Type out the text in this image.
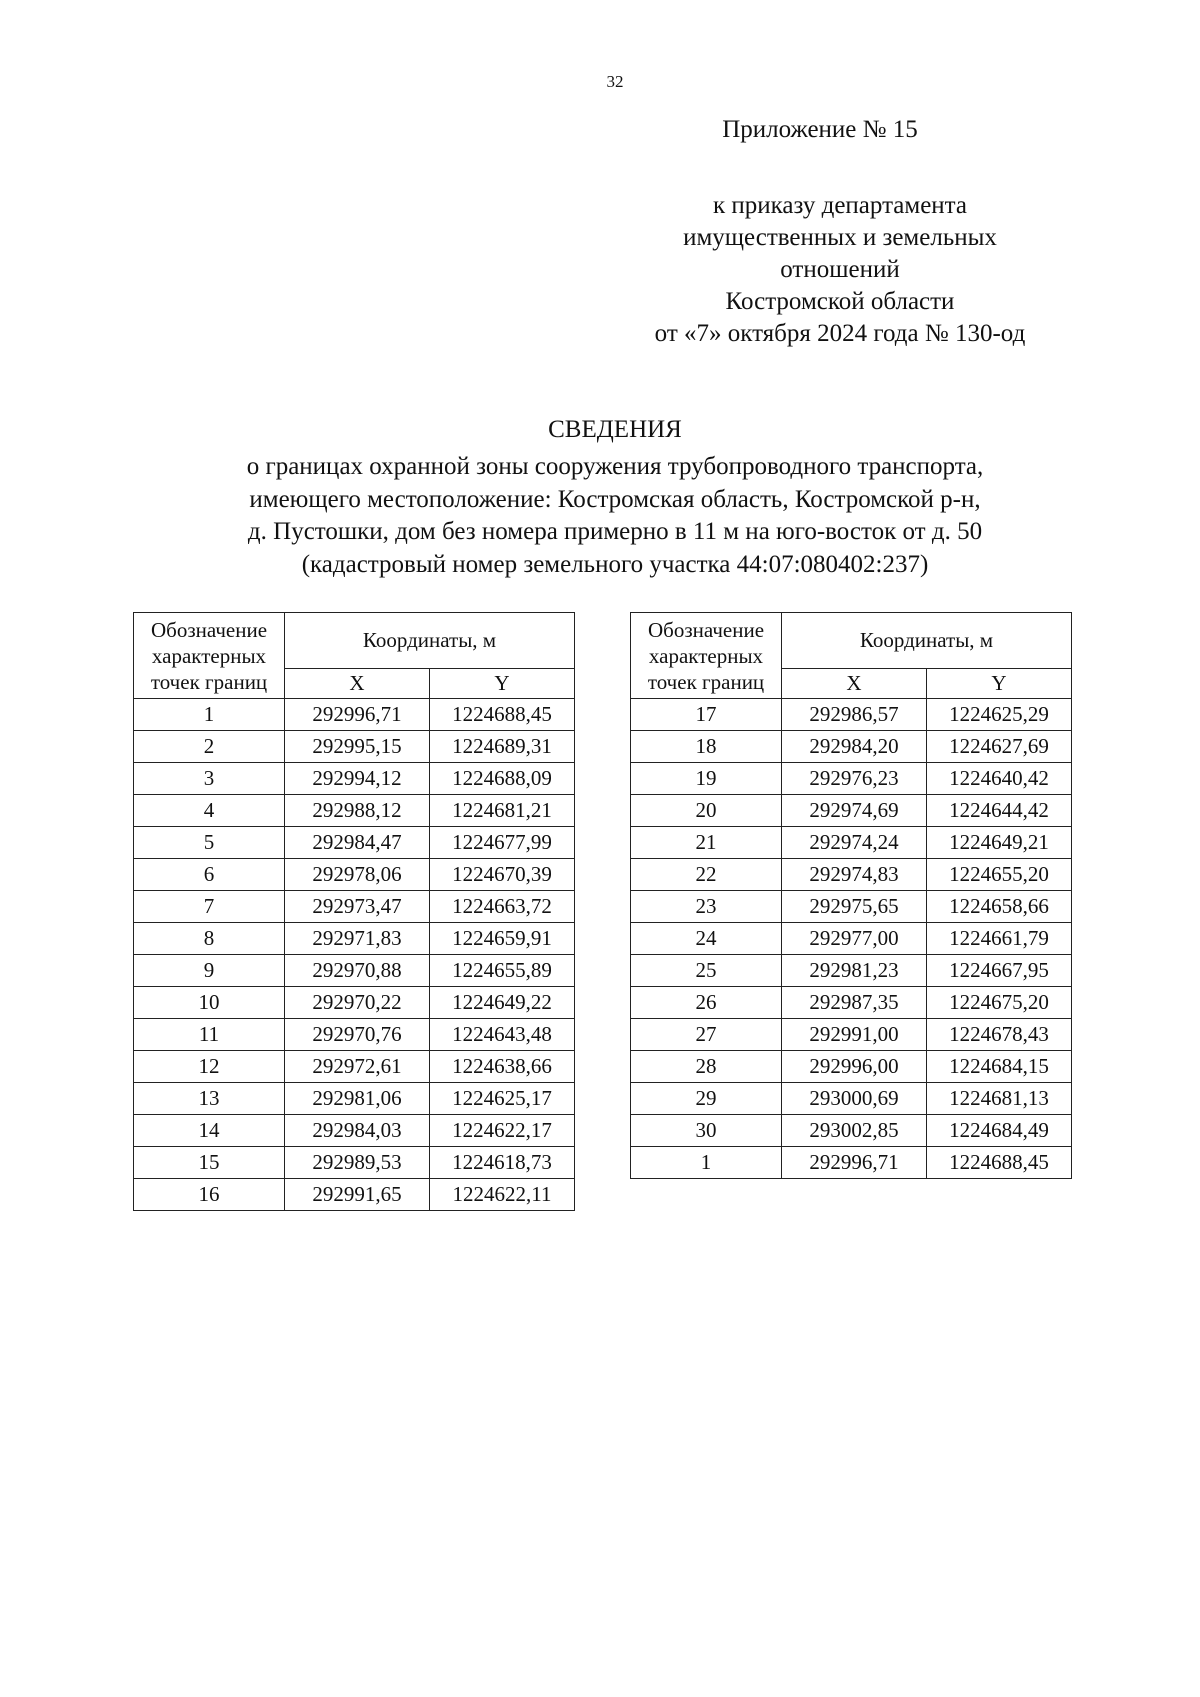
32
Приложение № 15
к приказу департамента
имущественных и земельных
отношений
Костромской области
от «7» октября 2024 года № 130-од
СВЕДЕНИЯ
о границах охранной зоны сооружения трубопроводного транспорта,
имеющего местоположение: Костромская область, Костромской р-н,
д. Пустошки, дом без номера примерно в 11 м на юго-восток от д. 50
(кадастровый номер земельного участка 44:07:080402:237)
Обозначение характерных точек границ	Координаты, м	
	X	Y
1	292996,71	1224688,45
2	292995,15	1224689,31
3	292994,12	1224688,09
4	292988,12	1224681,21
5	292984,47	1224677,99
6	292978,06	1224670,39
7	292973,47	1224663,72
8	292971,83	1224659,91
9	292970,88	1224655,89
10	292970,22	1224649,22
11	292970,76	1224643,48
12	292972,61	1224638,66
13	292981,06	1224625,17
14	292984,03	1224622,17
15	292989,53	1224618,73
16	292991,65	1224622,11
Обозначение характерных точек границ	Координаты, м	
	X	Y
17	292986,57	1224625,29
18	292984,20	1224627,69
19	292976,23	1224640,42
20	292974,69	1224644,42
21	292974,24	1224649,21
22	292974,83	1224655,20
23	292975,65	1224658,66
24	292977,00	1224661,79
25	292981,23	1224667,95
26	292987,35	1224675,20
27	292991,00	1224678,43
28	292996,00	1224684,15
29	293000,69	1224681,13
30	293002,85	1224684,49
1	292996,71	1224688,45
